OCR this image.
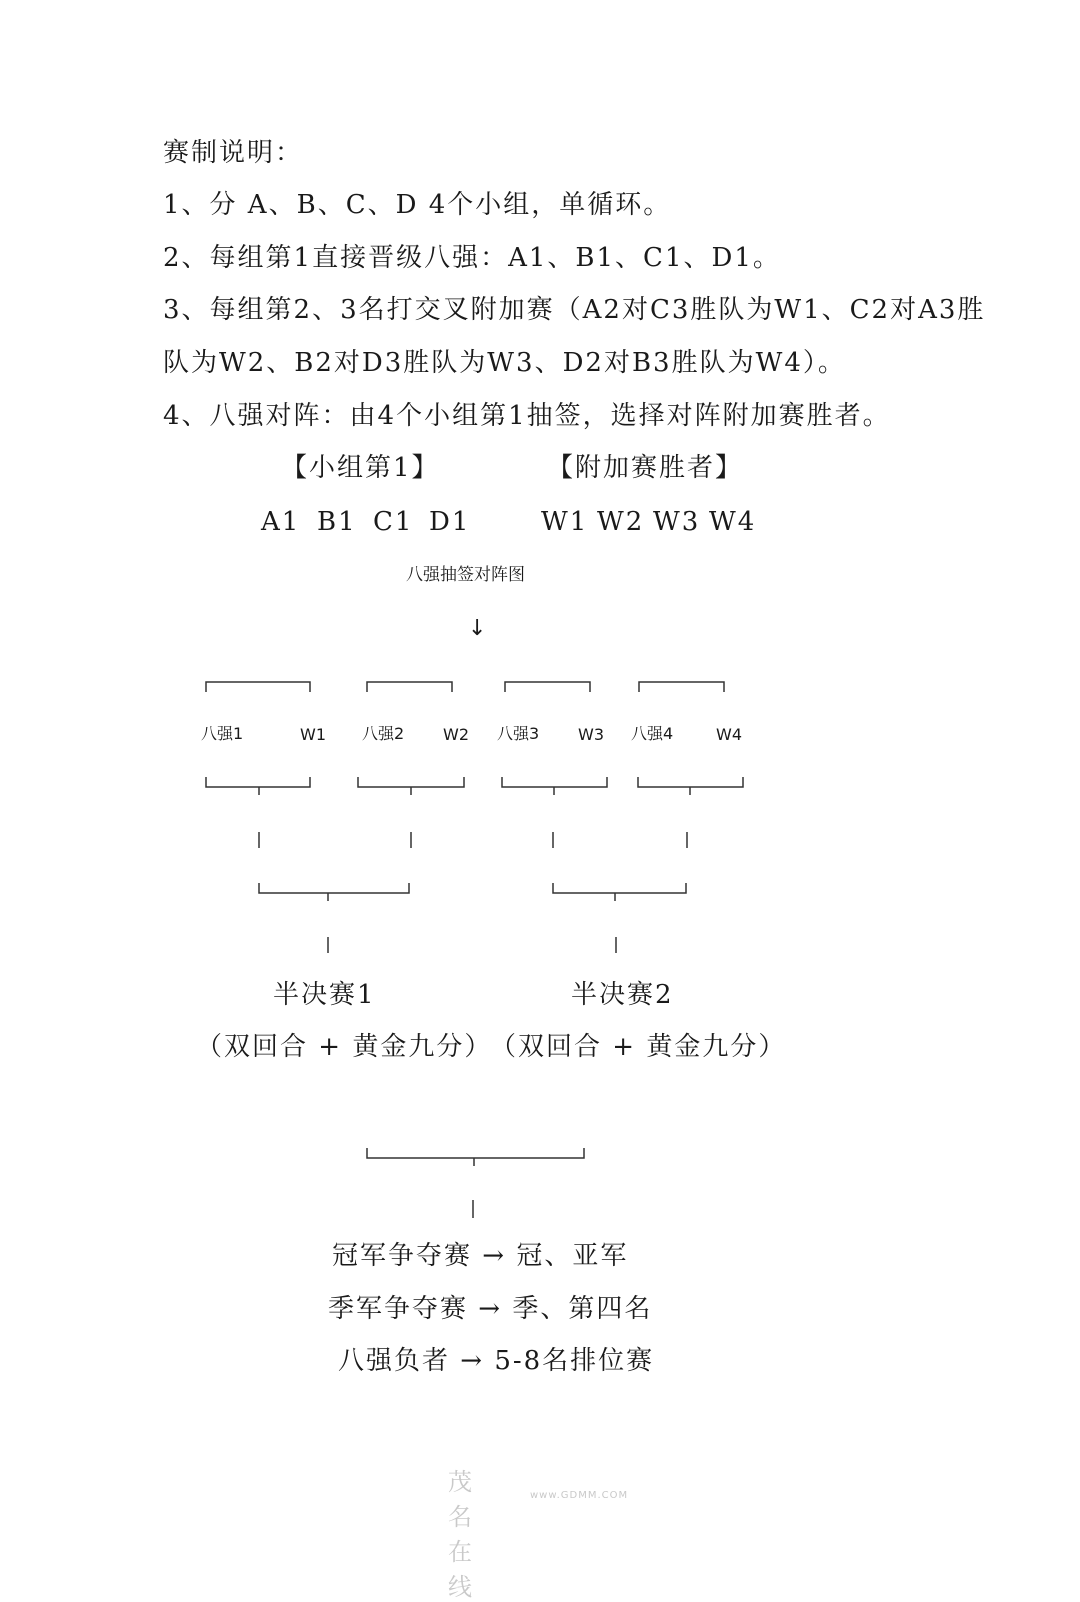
赛制说明：
1、分 A、B、C、D 4个小组，单循环。
2、每组第1直接晋级八强：A1、B1、C1、D1。
3、每组第2、3名打交叉附加赛（A2对C3胜队为W1、C2对A3胜
队为W2、B2对D3胜队为W3、D2对B3胜队为W4）。
4、八强对阵：由4个小组第1抽签，选择对阵附加赛胜者。
【小组第1】	【附加赛胜者】
A1 B1 C1 D1	W1 W2 W3 W4
八强抽签对阵图
↓
八强1	W1 八强2 W2 八强3 W3 八强4	W4
半决赛1	半决赛2
（双回合 + 黄金九分）
（双回合 + 黄金九分）
冠军争夺赛 → 冠、亚军
季军争夺赛 → 季、第四名
八强负者 → 5-8名排位赛
茂名在线
www.GDMM.COM
